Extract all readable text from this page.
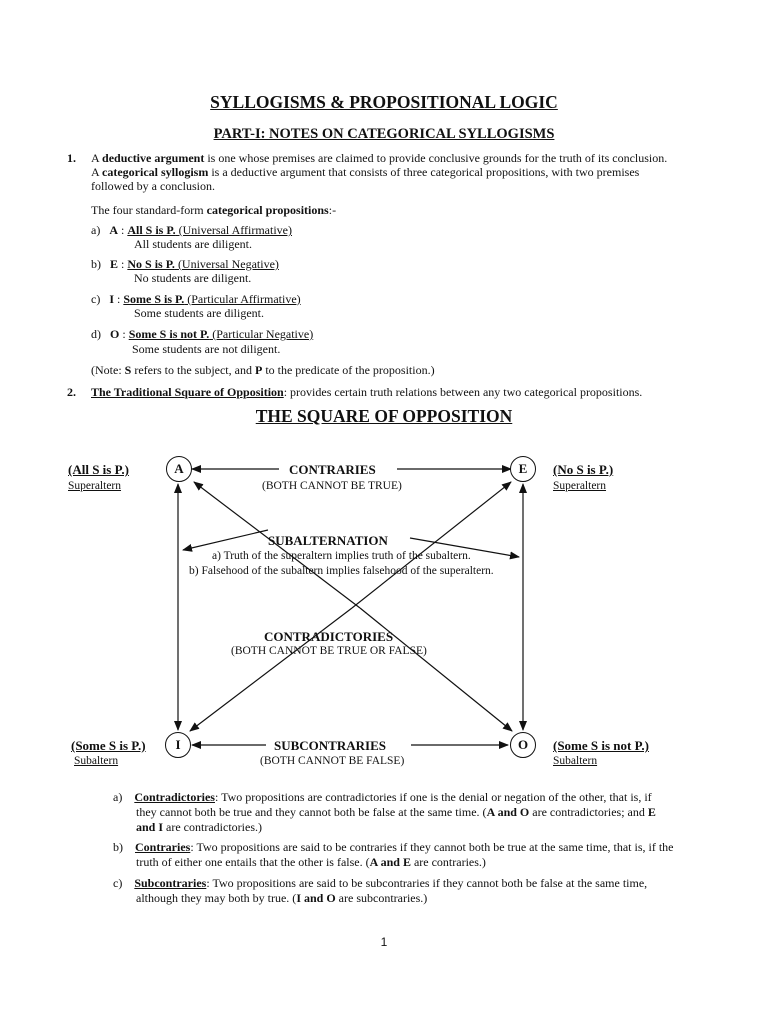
SYLLOGISMS & PROPOSITIONAL LOGIC
PART-I: NOTES ON CATEGORICAL SYLLOGISMS
1. A deductive argument is one whose premises are claimed to provide conclusive grounds for the truth of its conclusion.
A categorical syllogism is a deductive argument that consists of three categorical propositions, with two premises
followed by a conclusion.
The four standard-form categorical propositions:-
a) A : All S is P. (Universal Affirmative)
All students are diligent.
b) E : No S is P. (Universal Negative)
No students are diligent.
c) I : Some S is P. (Particular Affirmative)
Some students are diligent.
d) O : Some S is not P. (Particular Negative)
Some students are not diligent.
(Note: S refers to the subject, and P to the predicate of the proposition.)
2. The Traditional Square of Opposition: provides certain truth relations between any two categorical propositions.
THE SQUARE OF OPPOSITION
A	E
I	O
(All S is P.)
Superaltern
(No S is P.)
Superaltern
(Some S is P.)
Subaltern
(Some S is not P.)
Subaltern
CONTRARIES
(BOTH CANNOT BE TRUE)
SUBALTERNATION
a) Truth of the superaltern implies truth of the subaltern.
b) Falsehood of the subaltern implies falsehood of the superaltern.
CONTRADICTORIES
(BOTH CANNOT BE TRUE OR FALSE)
SUBCONTRARIES
(BOTH CANNOT BE FALSE)
a) Contradictories: Two propositions are contradictories if one is the denial or negation of the other, that is, if
they cannot both be true and they cannot both be false at the same time. (A and O are contradictories; and E
and I are contradictories.)
b) Contraries: Two propositions are said to be contraries if they cannot both be true at the same time, that is, if the
truth of either one entails that the other is false. (A and E are contraries.)
c) Subcontraries: Two propositions are said to be subcontraries if they cannot both be false at the same time,
although they may both by true. (I and O are subcontraries.)
1
